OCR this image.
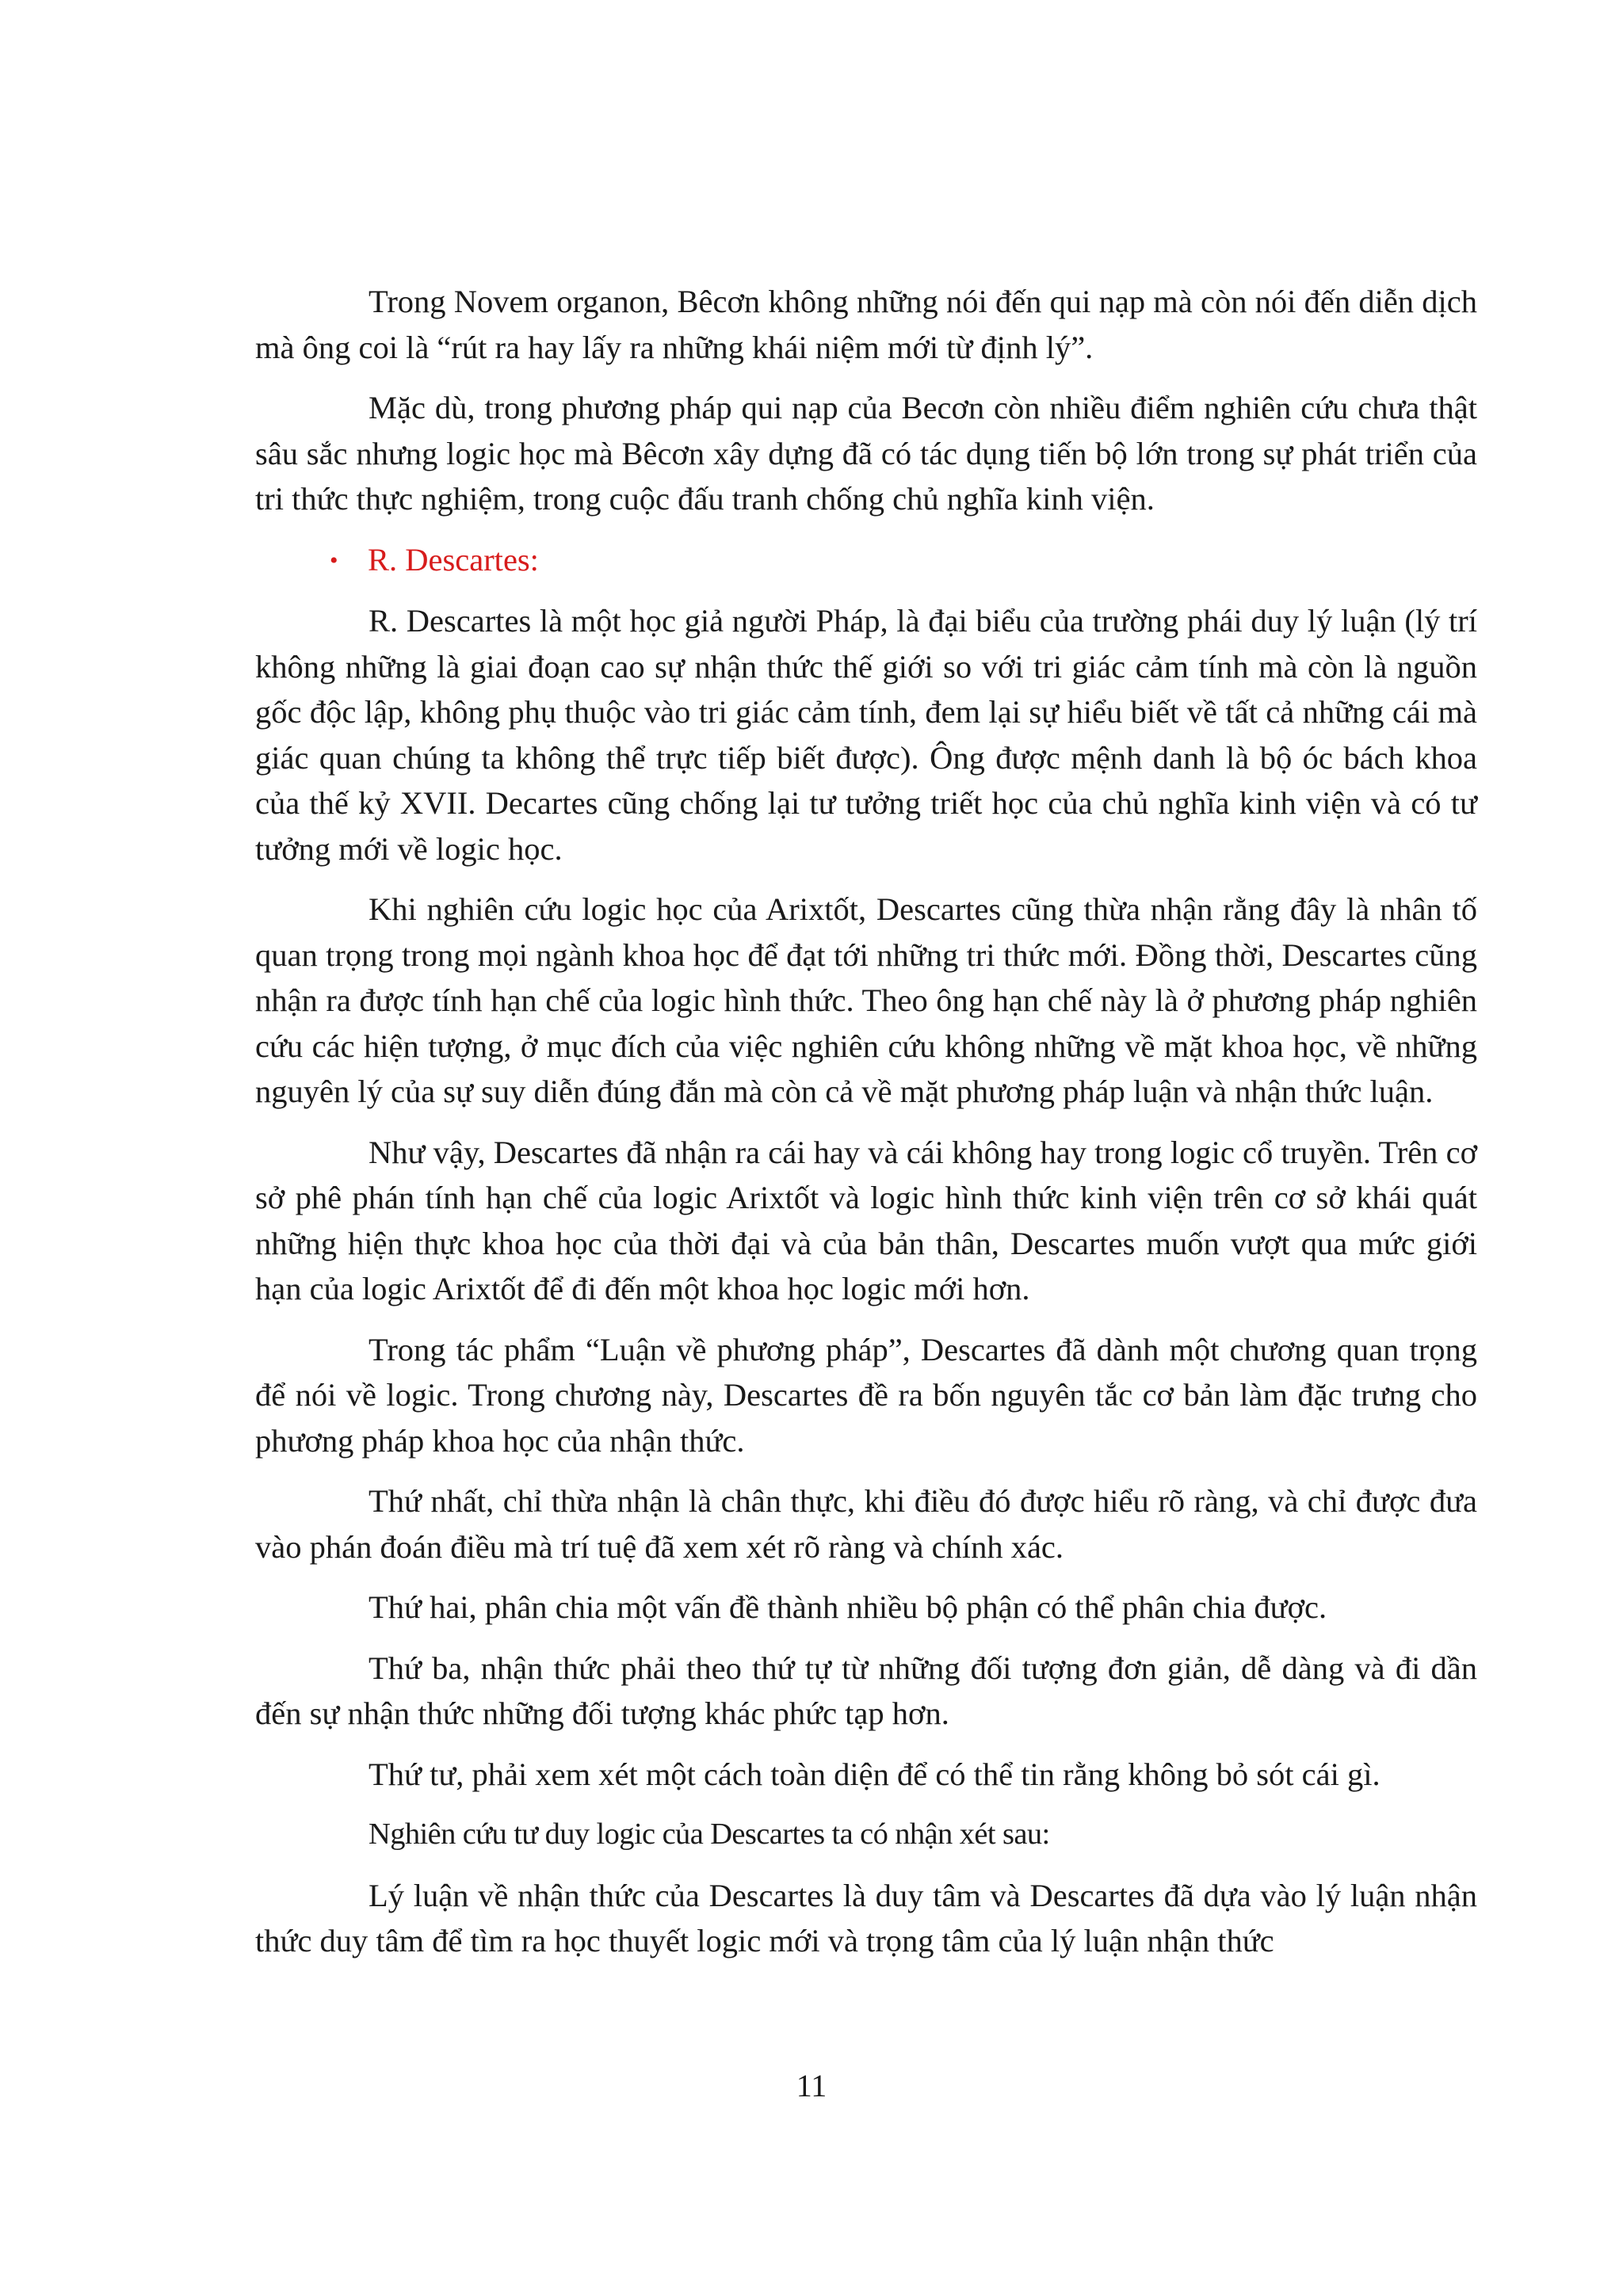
Trong Novem organon, Bêcơn không những nói đến qui nạp mà còn nói đến diễn dịch mà ông coi là “rút ra hay lấy ra những khái niệm mới từ định lý”.

Mặc dù, trong phương pháp qui nạp của Becơn còn nhiều điểm nghiên cứu chưa thật sâu sắc nhưng logic học mà Bêcơn xây dựng đã có tác dụng tiến bộ lớn trong sự phát triển của tri thức thực nghiệm, trong cuộc đấu tranh chống chủ nghĩa kinh viện.

• R. Descartes:

R. Descartes là một học giả người Pháp, là đại biểu của trường phái duy lý luận (lý trí không những là giai đoạn cao sự nhận thức thế giới so với tri giác cảm tính mà còn là nguồn gốc độc lập, không phụ thuộc vào tri giác cảm tính, đem lại sự hiểu biết về tất cả những cái mà giác quan chúng ta không thể trực tiếp biết được). Ông được mệnh danh là bộ óc bách khoa của thế kỷ XVII. Decartes cũng chống lại tư tưởng triết học của chủ nghĩa kinh viện và có tư tưởng mới về logic học.

Khi nghiên cứu logic học của Arixtốt, Descartes cũng thừa nhận rằng đây là nhân tố quan trọng trong mọi ngành khoa học để đạt tới những tri thức mới. Đồng thời, Descartes cũng nhận ra được tính hạn chế của logic hình thức. Theo ông hạn chế này là ở phương pháp nghiên cứu các hiện tượng, ở mục đích của việc nghiên cứu không những về mặt khoa học, về những nguyên lý của sự suy diễn đúng đắn mà còn cả về mặt phương pháp luận và nhận thức luận.

Như vậy, Descartes đã nhận ra cái hay và cái không hay trong logic cổ truyền. Trên cơ sở phê phán tính hạn chế của logic Arixtốt và logic hình thức kinh viện trên cơ sở khái quát những hiện thực khoa học của thời đại và của bản thân, Descartes muốn vượt qua mức giới hạn của logic Arixtốt để đi đến một khoa học logic mới hơn.

Trong tác phẩm “Luận về phương pháp”, Descartes đã dành một chương quan trọng để nói về logic. Trong chương này, Descartes đề ra bốn nguyên tắc cơ bản làm đặc trưng cho phương pháp khoa học của nhận thức.

Thứ nhất, chỉ thừa nhận là chân thực, khi điều đó được hiểu rõ ràng, và chỉ được đưa vào phán đoán điều mà trí tuệ đã xem xét rõ ràng và chính xác.

Thứ hai, phân chia một vấn đề thành nhiều bộ phận có thể phân chia được.

Thứ ba, nhận thức phải theo thứ tự từ những đối tượng đơn giản, dễ dàng và đi dần đến sự nhận thức những đối tượng khác phức tạp hơn.

Thứ tư, phải xem xét một cách toàn diện để có thể tin rằng không bỏ sót cái gì.

Nghiên cứu tư duy logic của Descartes ta có nhận xét sau:

Lý luận về nhận thức của Descartes là duy tâm và Descartes đã dựa vào lý luận nhận thức duy tâm để tìm ra học thuyết logic mới và trọng tâm của lý luận nhận thức

11
